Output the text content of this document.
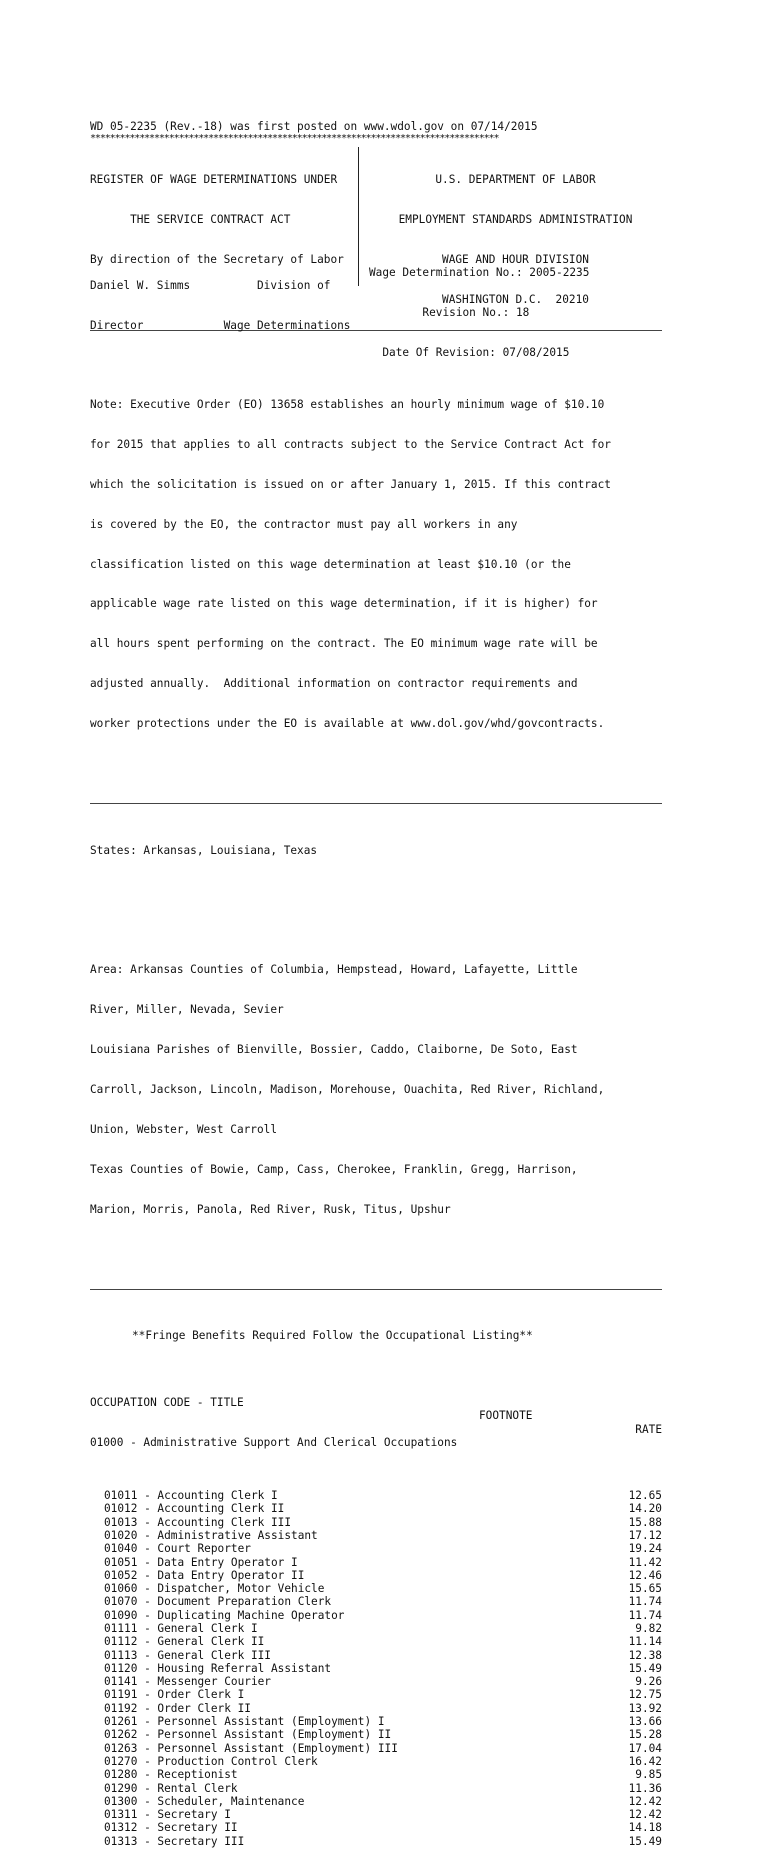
WD 05-2235 (Rev.-18) was first posted on www.wdol.gov on 07/14/2015

***********************************************************************************

REGISTER OF WAGE DETERMINATIONS UNDER

THE SERVICE CONTRACT ACT

By direction of the Secretary of Labor

U.S. DEPARTMENT OF LABOR

EMPLOYMENT STANDARDS ADMINISTRATION

WAGE AND HOUR DIVISION

WASHINGTON D.C.  20210

Daniel W. Simms          Division of

Director            Wage Determinations

Wage Determination No.: 2005-2235

Revision No.: 18

Date Of Revision: 07/08/2015

Note: Executive Order (EO) 13658 establishes an hourly minimum wage of $10.10

for 2015 that applies to all contracts subject to the Service Contract Act for

which the solicitation is issued on or after January 1, 2015. If this contract

is covered by the EO, the contractor must pay all workers in any

classification listed on this wage determination at least $10.10 (or the

applicable wage rate listed on this wage determination, if it is higher) for

all hours spent performing on the contract. The EO minimum wage rate will be

adjusted annually.  Additional information on contractor requirements and

worker protections under the EO is available at www.dol.gov/whd/govcontracts.

States: Arkansas, Louisiana, Texas

Area: Arkansas Counties of Columbia, Hempstead, Howard, Lafayette, Little

River, Miller, Nevada, Sevier

Louisiana Parishes of Bienville, Bossier, Caddo, Claiborne, De Soto, East

Carroll, Jackson, Lincoln, Madison, Morehouse, Ouachita, Red River, Richland,

Union, Webster, West Carroll

Texas Counties of Bowie, Camp, Cass, Cherokee, Franklin, Gregg, Harrison,

Marion, Morris, Panola, Red River, Rusk, Titus, Upshur

**Fringe Benefits Required Follow the Occupational Listing**

OCCUPATION CODE - TITLE

FOOTNOTE

RATE

01000 - Administrative Support And Clerical Occupations

01011 - Accounting Clerk I	12.65
01012 - Accounting Clerk II	14.20
01013 - Accounting Clerk III	15.88
01020 - Administrative Assistant	17.12
01040 - Court Reporter	19.24
01051 - Data Entry Operator I	11.42
01052 - Data Entry Operator II	12.46
01060 - Dispatcher, Motor Vehicle	15.65
01070 - Document Preparation Clerk	11.74
01090 - Duplicating Machine Operator	11.74
01111 - General Clerk I	9.82
01112 - General Clerk II	11.14
01113 - General Clerk III	12.38
01120 - Housing Referral Assistant	15.49
01141 - Messenger Courier	9.26
01191 - Order Clerk I	12.75
01192 - Order Clerk II	13.92
01261 - Personnel Assistant (Employment) I	13.66
01262 - Personnel Assistant (Employment) II	15.28
01263 - Personnel Assistant (Employment) III	17.04
01270 - Production Control Clerk	16.42
01280 - Receptionist	9.85
01290 - Rental Clerk	11.36
01300 - Scheduler, Maintenance	12.42
01311 - Secretary I	12.42
01312 - Secretary II	14.18
01313 - Secretary III	15.49
